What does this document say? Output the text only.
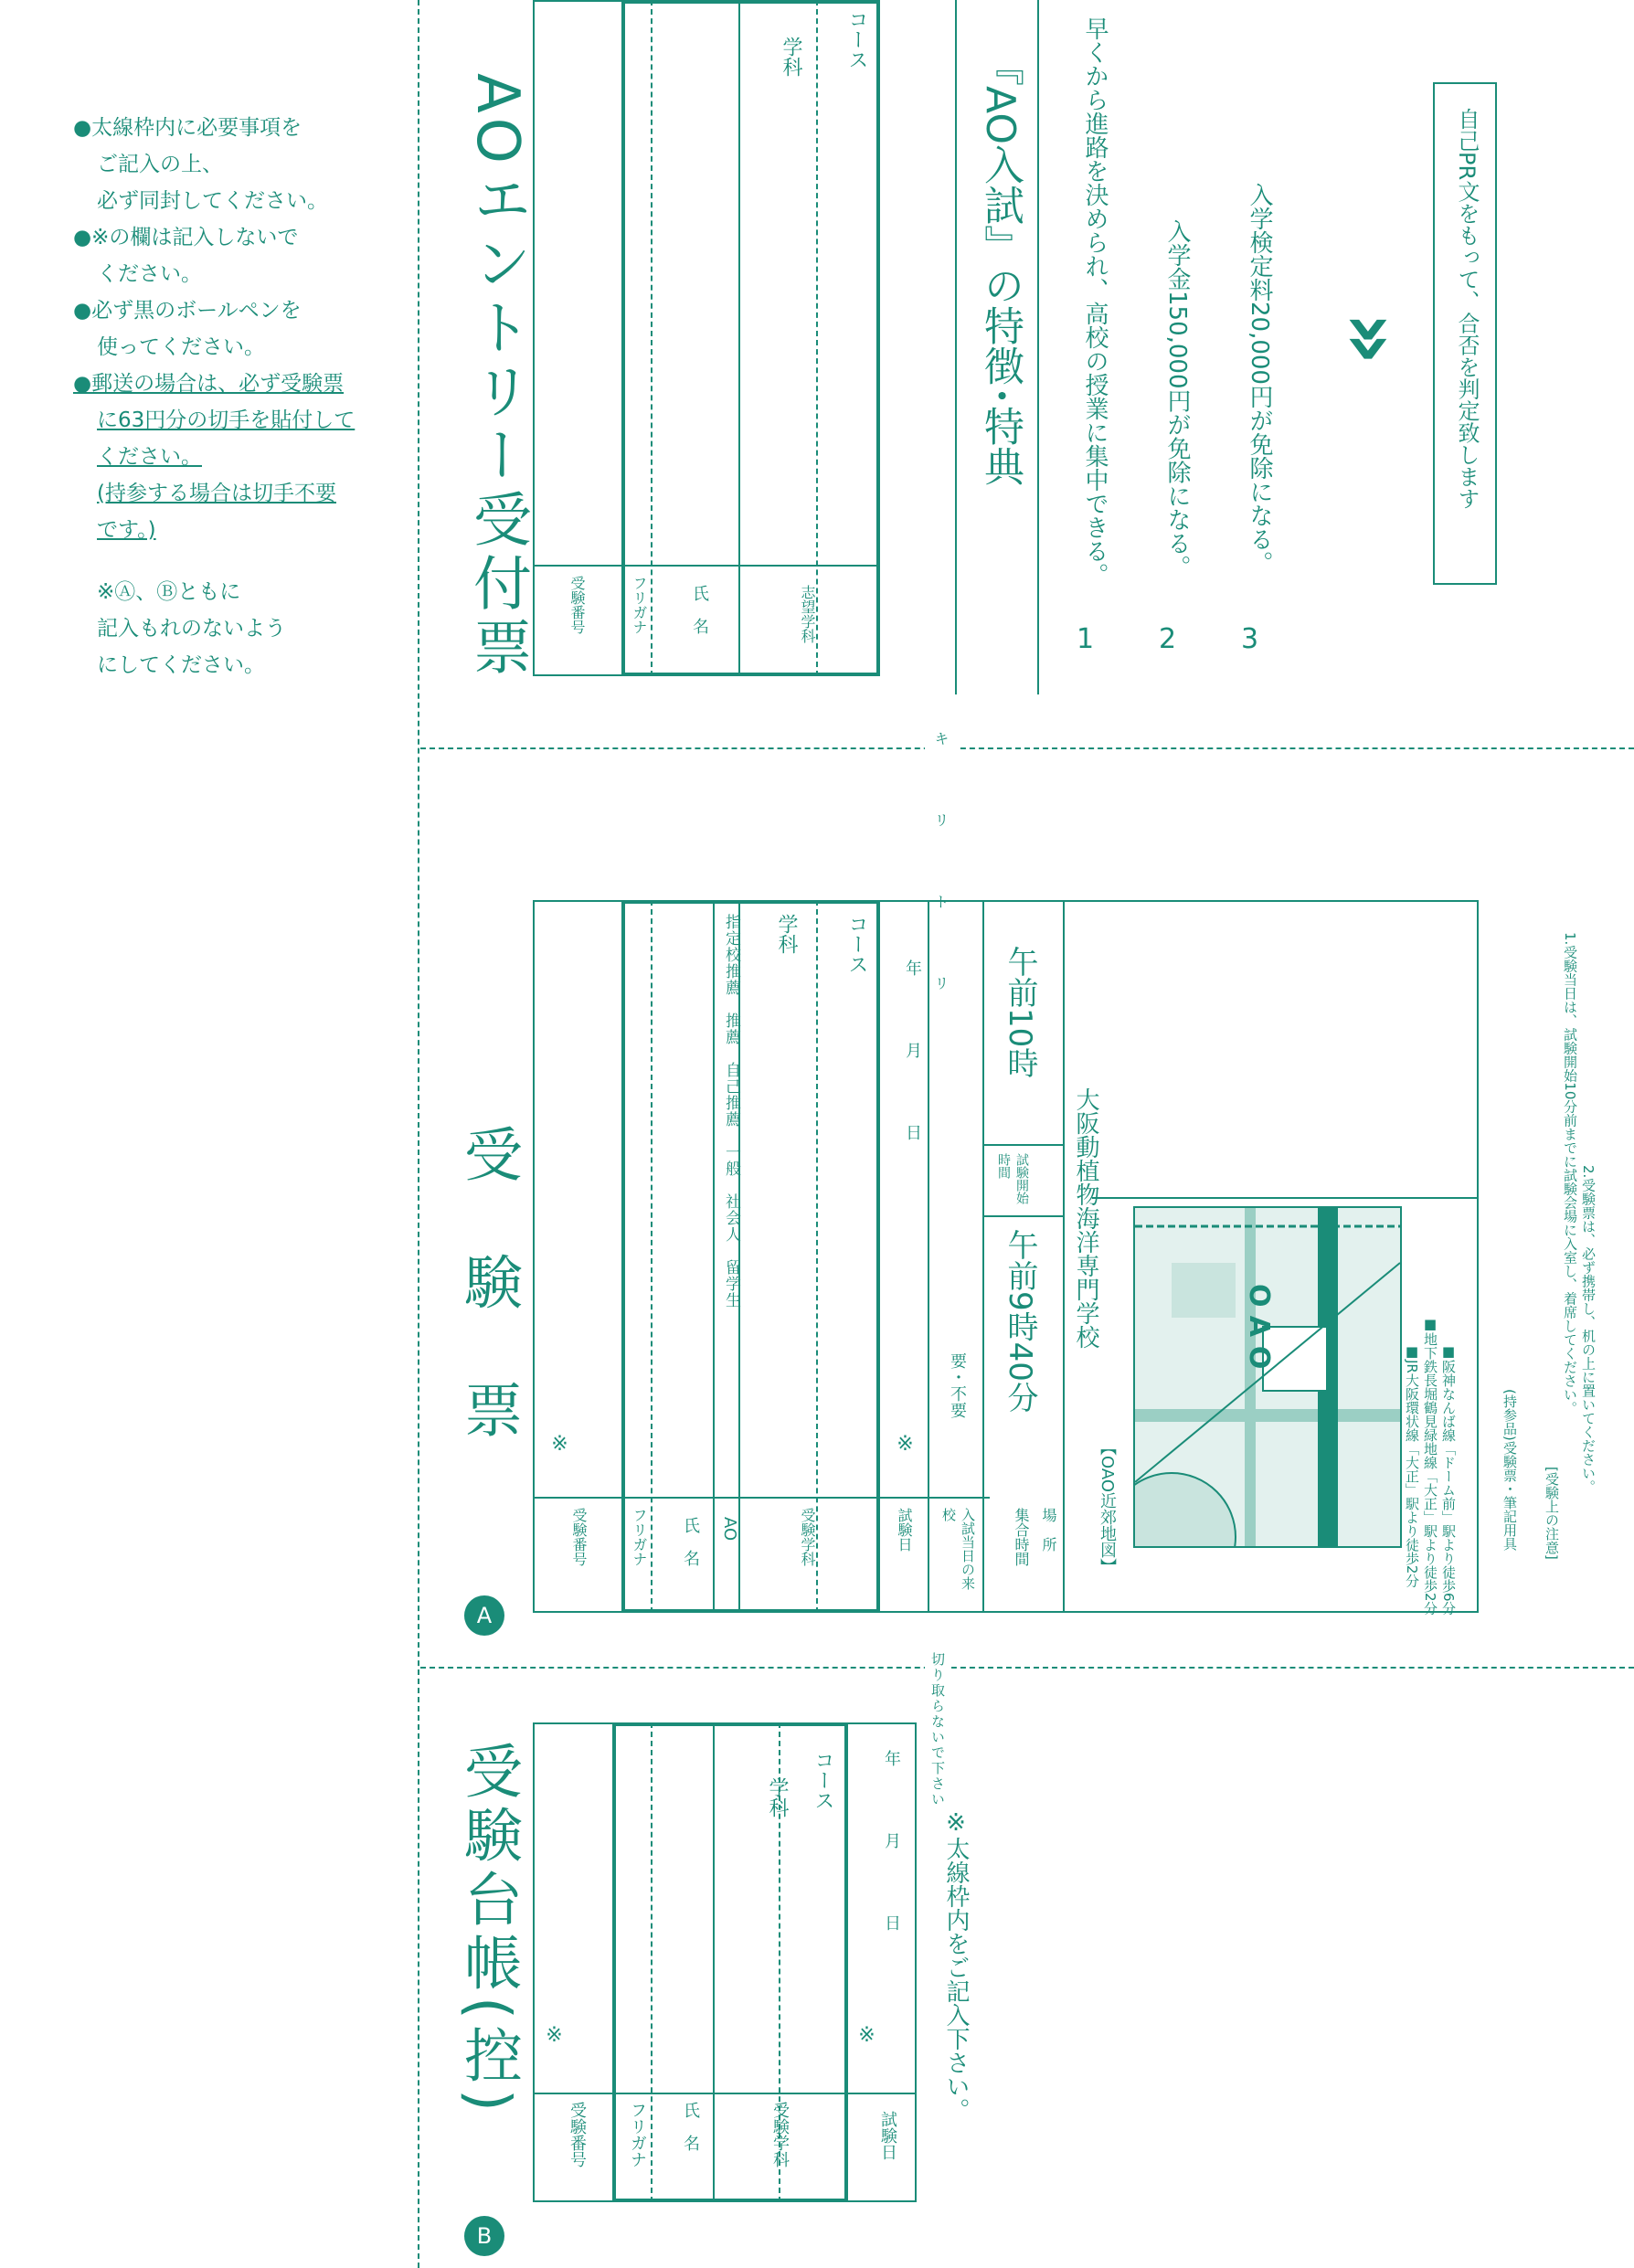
●太線枠内に必要事項を
ご記入の上、
必ず同封してください。
●※の欄は記入しないで
ください。
●必ず黒のボールペンを
使ってください。
●郵送の場合は、必ず受験票
に63円分の切手を貼付して
ください。
(持参する場合は切手不要
です。)
※Ⓐ、Ⓑともに
記入もれのないよう
にしてください。
キ リ ト リ
切り取らないで下さい
AOエントリー受付票	受験番号	フリガナ	氏　名	志望学科
学科 コース
『AO入試』の特徴･特典
1
早くから進路を決められ、高校の授業に集中できる。
2
入学金150,000円が免除になる。
3
入学検定料20,000円が免除になる。 » 自己PR文をもって、合否を判定致します
A
受　験　票
受験番号
※
フリガナ 氏　名 AO
指定校推薦　推薦　自己推薦　一般　社会人　留学生
受験学科
学科 コース
試験日
※
年　　　　月　　　　日
入試当日の来校
要・不要
集合時間
午前9時40分
試験開始時間
午前10時
場　所
大阪動植物海洋専門学校
【OAO近郊地図】
OAO
■JR大阪環状線「大正」駅より徒歩2分 ■地下鉄長堀鶴見緑地線「大正」駅より徒歩2分 ■阪神なんば線「ドーム前」駅より徒歩6分	(持参品)受験票・筆記用具 [受験上の注意]
1.受験当日は、試験開始10分前までに試験会場に入室し、着席してください。 2.受験票は、必ず携帯し、机の上に置いてください。
B
受験台帳(控)
受験番号
※
フリガナ 氏　名	受験学科
学科 コース
試験日
※
年　　　　月　　　　日 ※太線枠内をご記入下さい。
